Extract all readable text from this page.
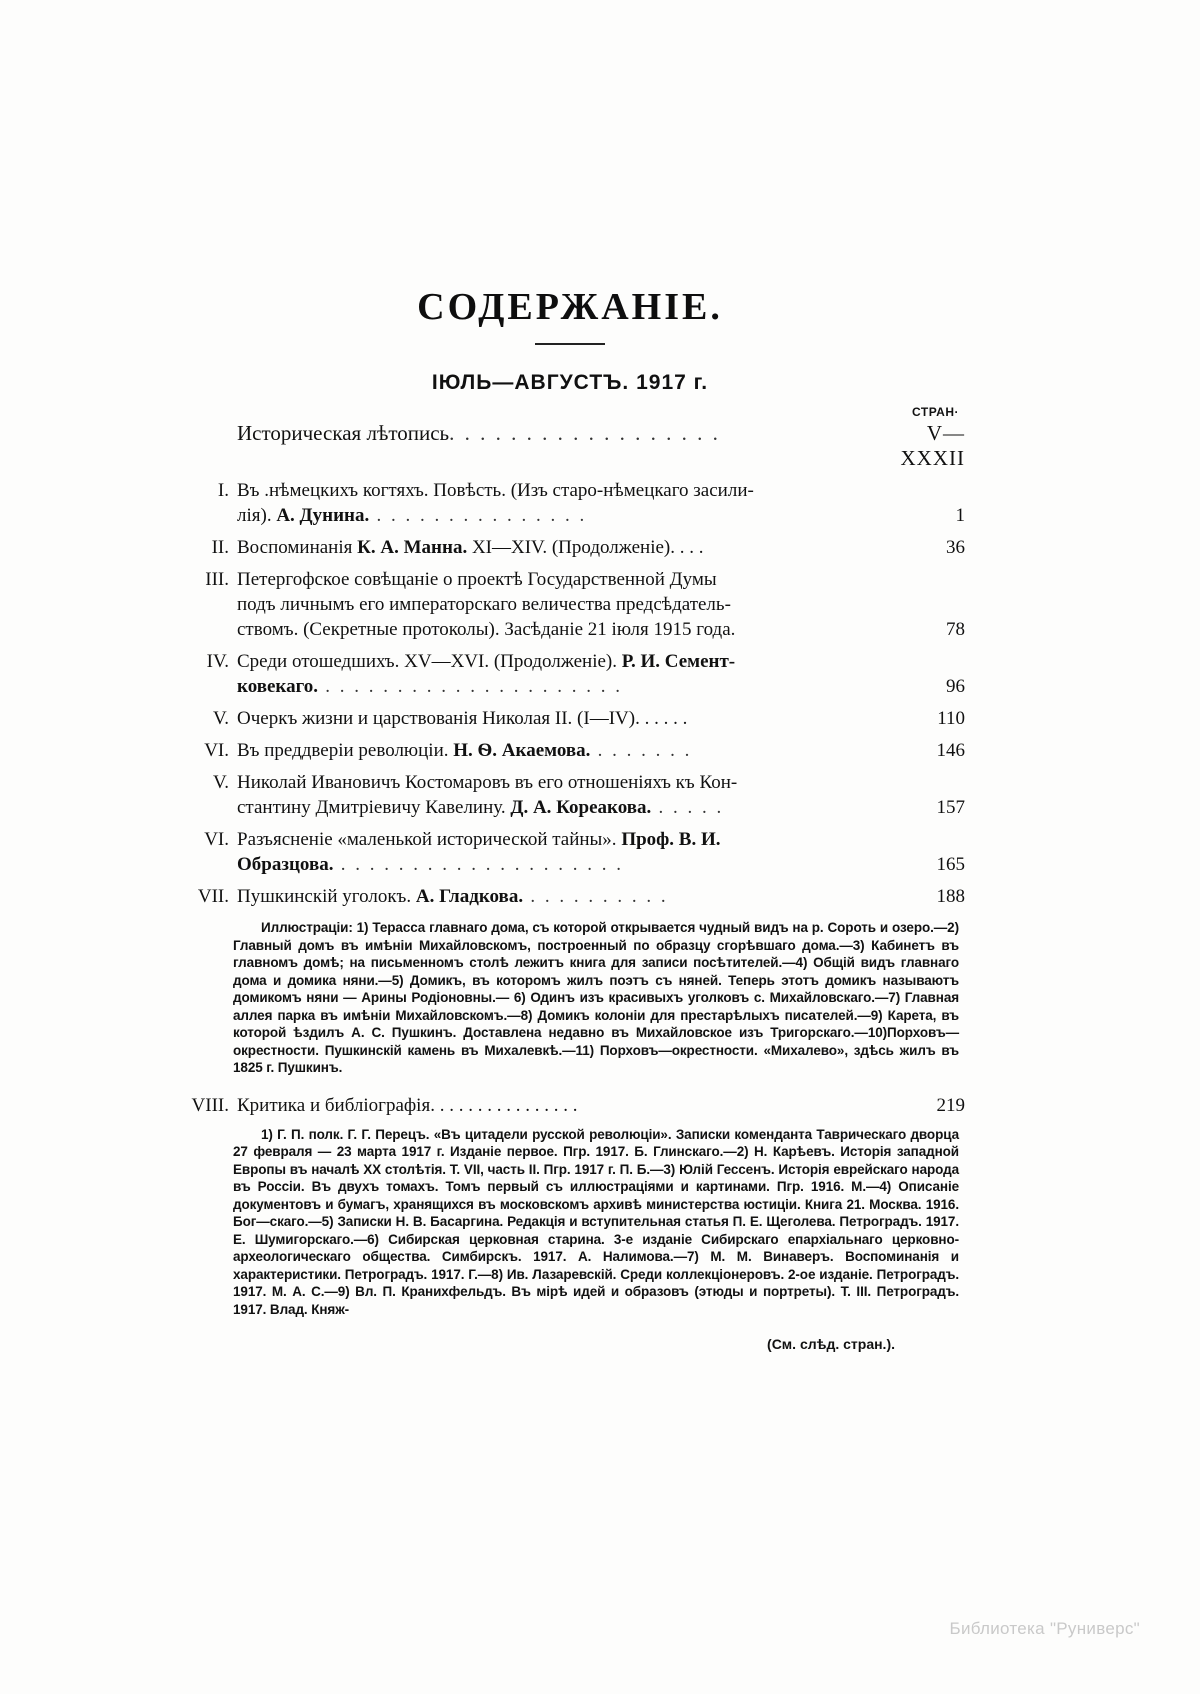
СОДЕРЖАНІЕ.
ІЮЛЬ—АВГУСТЪ. 1917 г.
СТРАН·
Историческая лѣтопись. . . . . . . . . . . . . . . . . .	V—XXXII
I. Въ .нѣмецкихъ когтяхъ. Повѣсть. (Изъ старо-нѣмецкаго засили-
лія). А. Дунина. . . . . . . . . . . . . . . .	1
II. Воспоминанія К. А. Манна. XI—XIV. (Продолженіе). . . .	36
III. Петергофское совѣщаніе о проектѣ Государственной Думы
подъ личнымъ его императорскаго величества предсѣдатель-
ствомъ. (Секретные протоколы). Засѣданіе 21 іюля 1915 года.	78
IV. Среди отошедшихъ. XV—XVI. (Продолженіе). Р. И. Семент-
ковекаго. . . . . . . . . . . . . . . . . . . . . .	96
V. Очеркъ жизни и царствованія Николая II. (I—IV). . . . . .	110
VI. Въ преддверіи революціи. Н. Ѳ. Акаемова. . . . . . . .	146
V. Николай Ивановичъ Костомаровъ въ его отношеніяхъ къ Кон-
стантину Дмитріевичу Кавелину. Д. А. Кореакова. . . . . .	157
VI. Разъясненіе «маленькой исторической тайны». Проф. В. И.
Образцова. . . . . . . . . . . . . . . . . . . . .	165
VII. Пушкинскій уголокъ. А. Гладкова. . . . . . . . . . .	188
Иллюстраціи: 1) Терасса главнаго дома, съ которой открывается чудный видъ на р. Сороть и озеро.—2) Главный домъ въ имѣніи Михайловскомъ, построенный по образцу сгорѣвшаго дома.—3) Кабинетъ въ главномъ домѣ; на письменномъ столѣ лежитъ книга для записи посѣтителей.—4) Общій видъ главнаго дома и домика няни.—5) Домикъ, въ которомъ жилъ поэтъ съ няней. Теперь этотъ домикъ называютъ домикомъ няни — Арины Родіоновны.— 6) Одинъ изъ красивыхъ уголковъ с. Михайловскаго.—7) Главная аллея парка въ имѣніи Михайловскомъ.—8) Домикъ колоніи для престарѣлыхъ писателей.—9) Карета, въ которой ѣздилъ А. С. Пушкинъ. Доставлена недавно въ Михайловское изъ Тригорскаго.—10)Порховъ—окрестности. Пушкинскій камень въ Михалевкѣ.—11) Порховъ—окрестности. «Михалево», здѣсь жилъ въ 1825 г. Пушкинъ.
VIII. Критика и библіографія. . . . . . . . . . . . . . . .	219
1) Г. П. полк. Г. Г. Перецъ. «Въ цитадели русской революціи». Записки комендантa Таврическаго дворца 27 февраля — 23 марта 1917 г. Изданіе первое. Пгр. 1917. Б. Глинскаго.—2) Н. Карѣевъ. Исторія западной Европы въ началѣ XX столѣтія. Т. VII, часть II. Пгр. 1917 г. П. Б.—3) Юлій Гессенъ. Исторія еврейскаго народа въ Россіи. Въ двухъ томахъ. Томъ первый съ иллюстраціями и картинами. Пгр. 1916. М.—4) Описаніе документовъ и бумагъ, хранящихся въ московскомъ архивѣ министерства юстиціи. Книга 21. Москва. 1916. Бог—скаго.—5) Записки Н. В. Басаргина. Редакція и вступительная статья П. Е. Щеголева. Петроградъ. 1917. Е. Шумигорскаго.—6) Сибирская церковная старина. 3-е изданіе Сибирскаго епархіальнаго церковно-археологическаго общества. Симбирскъ. 1917. А. Налимова.—7) М. М. Винаверъ. Воспоминанія и характеристики. Петроградъ. 1917. Г.—8) Ив. Лазаревскій. Среди коллекціонеровъ. 2-ое изданіе. Петроградъ. 1917. М. А. С.—9) Вл. П. Кранихфельдъ. Въ мірѣ идей и образовъ (этюды и портреты). Т. III. Петроградъ. 1917. Влад. Княж-
(См. слѣд. стран.).
Библиотека "Руниверс"
